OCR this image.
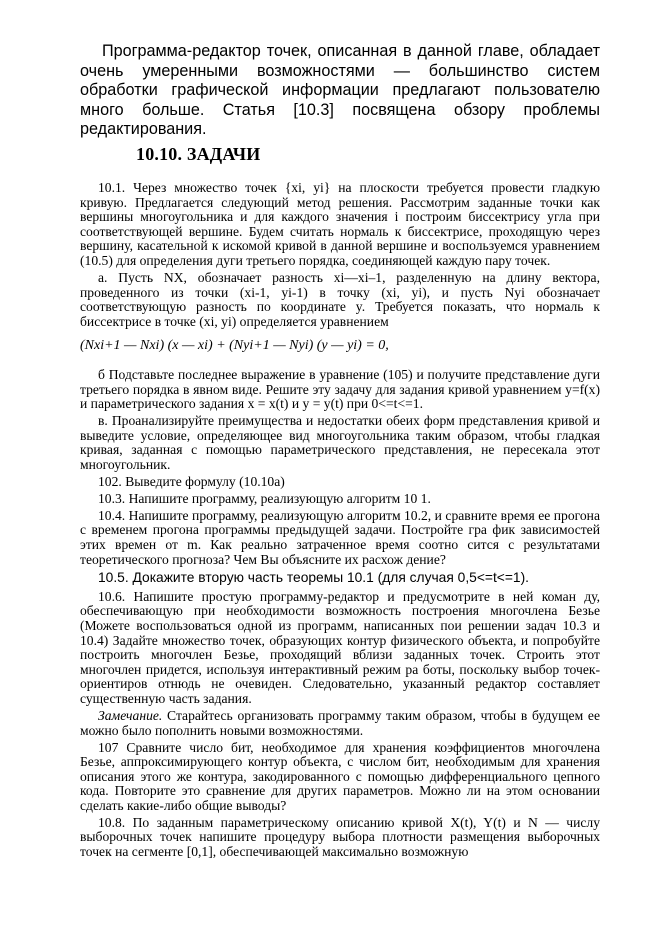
Программа-редактор точек, описанная в данной главе, обладает очень умеренными возможностями — большинство систем обработки графической информации предлагают пользователю много больше. Статья [10.3] посвящена обзору проблемы редактирования.

10.10. ЗАДАЧИ

10.1. Через множество точек {xi, yi} на плоскости требуется провести гладкую кривую. Предлагается следующий метод решения. Рассмотрим заданные точки как вершины многоугольника и для каждого значения i построим биссектрису угла при соответствующей вершине. Будем считать нормаль к биссектрисе, проходящую через вершину, касательной к искомой кривой в данной вершине и воспользуемся уравнением (10.5) для определения дуги третьего порядка, соединяющей каждую пару точек.

а. Пусть NX, обозначает разность xi—xi–1, разделенную на длину вектора, проведенного из точки (xi-1, yi-1) в точку (xi, yi), и пусть Nyi обозначает соответствующую разность по координате y. Требуется показать, что нормаль к биссектрисе в точке (xi, yi) определяется уравнением

(Nxi+1 — Nxi) (x — xi) + (Nyi+1 — Nyi) (y — yi) = 0,

б Подставьте последнее выражение в уравнение (105) и получите представление дуги третьего порядка в явном виде. Решите эту задачу для задания кривой уравнением y=f(x) и параметрического задания x = x(t) и y = y(t) при 0<=t<=1.

в. Проанализируйте преимущества и недостатки обеих форм представления кривой и выведите условие, определяющее вид многоугольника таким образом, чтобы гладкая кривая, заданная с помощью параметрического представления, не пересекала этот многоугольник.

102. Выведите формулу (10.10а)

10.3. Напишите программу, реализующую алгоритм 10 1.

10.4. Напишите программу, реализующую алгоритм 10.2, и сравните время ее прогона с временем прогона программы предыдущей задачи. Постройте гра фик зависимостей этих времен от m. Как реально затраченное время соотно сится с результатами теоретического прогноза? Чем Вы объясните их расхож дение?

10.5. Докажите вторую часть теоремы 10.1 (для случая 0,5<=t<=1).

10.6. Напишите простую программу-редактор и предусмотрите в ней коман ду, обеспечивающую при необходимости возможность построения многочлена Безье (Можете воспользоваться одной из программ, написанных пои решении задач 10.3 и 10.4) Задайте множество точек, образующих контур физического объекта, и попробуйте построить многочлен Безье, проходящий вблизи заданных точек. Строить этот многочлен придется, используя интерактивный режим ра боты, поскольку выбор точек-ориентиров отнюдь не очевиден. Следовательно, указанный редактор составляет существенную часть задания.

Замечание. Старайтесь организовать программу таким образом, чтобы в будущем ее можно было пополнить новыми возможностями.

107 Сравните число бит, необходимое для хранения коэффициентов многочлена Безье, аппроксимирующего контур объекта, с числом бит, необходимым для хранения описания этого же контура, закодированного с помощью дифференциального цепного кода. Повторите это сравнение для других параметров. Можно ли на этом основании сделать какие-либо общие выводы?

10.8. По заданным параметрическому описанию кривой X(t), Y(t) и N — числу выборочных точек напишите процедуру выбора плотности размещения выборочных точек на сегменте [0,1], обеспечивающей максимально возможную
